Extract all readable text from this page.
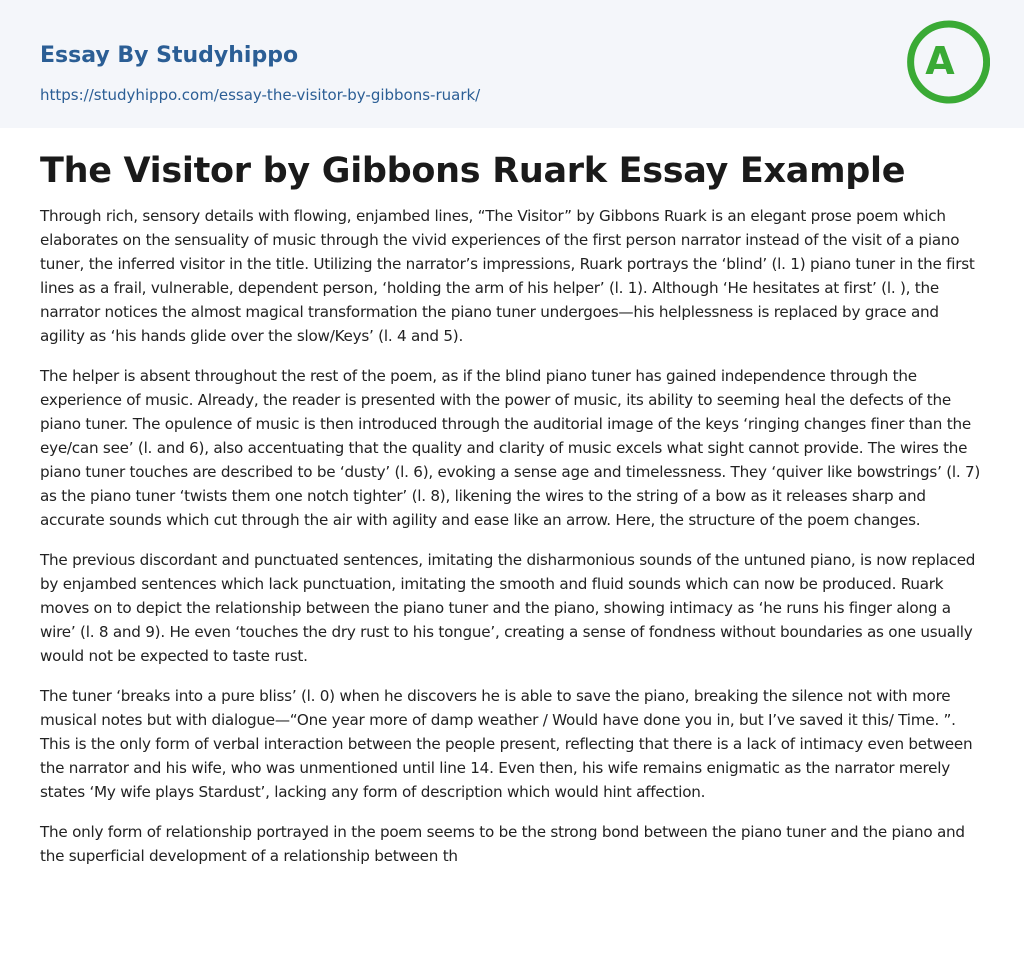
Essay By Studyhippo
https://studyhippo.com/essay-the-visitor-by-gibbons-ruark/
A
The Visitor by Gibbons Ruark Essay Example

Through rich, sensory details with flowing, enjambed lines, “The Visitor” by Gibbons Ruark is an elegant prose poem which elaborates on the sensuality of music through the vivid experiences of the first person narrator instead of the visit of a piano tuner, the inferred visitor in the title. Utilizing the narrator’s impressions, Ruark portrays the ‘blind’ (l. 1) piano tuner in the first lines as a frail, vulnerable, dependent person, ‘holding the arm of his helper’ (l. 1). Although ‘He hesitates at first’ (l. ), the narrator notices the almost magical transformation the piano tuner undergoes—his helplessness is replaced by grace and agility as ‘his hands glide over the slow/Keys’ (l. 4 and 5).

The helper is absent throughout the rest of the poem, as if the blind piano tuner has gained independence through the experience of music. Already, the reader is presented with the power of music, its ability to seeming heal the defects of the piano tuner. The opulence of music is then introduced through the auditorial image of the keys ‘ringing changes finer than the eye/can see’ (l. and 6), also accentuating that the quality and clarity of music excels what sight cannot provide. The wires the piano tuner touches are described to be ‘dusty’ (l. 6), evoking a sense age and timelessness. They ‘quiver like bowstrings’ (l. 7) as the piano tuner ‘twists them one notch tighter’ (l. 8), likening the wires to the string of a bow as it releases sharp and accurate sounds which cut through the air with agility and ease like an arrow. Here, the structure of the poem changes.

The previous discordant and punctuated sentences, imitating the disharmonious sounds of the untuned piano, is now replaced by enjambed sentences which lack punctuation, imitating the smooth and fluid sounds which can now be produced. Ruark moves on to depict the relationship between the piano tuner and the piano, showing intimacy as ‘he runs his finger along a wire’ (l. 8 and 9). He even ‘touches the dry rust to his tongue’, creating a sense of fondness without boundaries as one usually would not be expected to taste rust.

The tuner ‘breaks into a pure bliss’ (l. 0) when he discovers he is able to save the piano, breaking the silence not with more musical notes but with dialogue—“One year more of damp weather / Would have done you in, but I’ve saved it this/ Time. ”. This is the only form of verbal interaction between the people present, reflecting that there is a lack of intimacy even between the narrator and his wife, who was unmentioned until line 14. Even then, his wife remains enigmatic as the narrator merely states ‘My wife plays Stardust’, lacking any form of description which would hint affection.

The only form of relationship portrayed in the poem seems to be the strong bond between the piano tuner and the piano and the superficial development of a relationship between th
